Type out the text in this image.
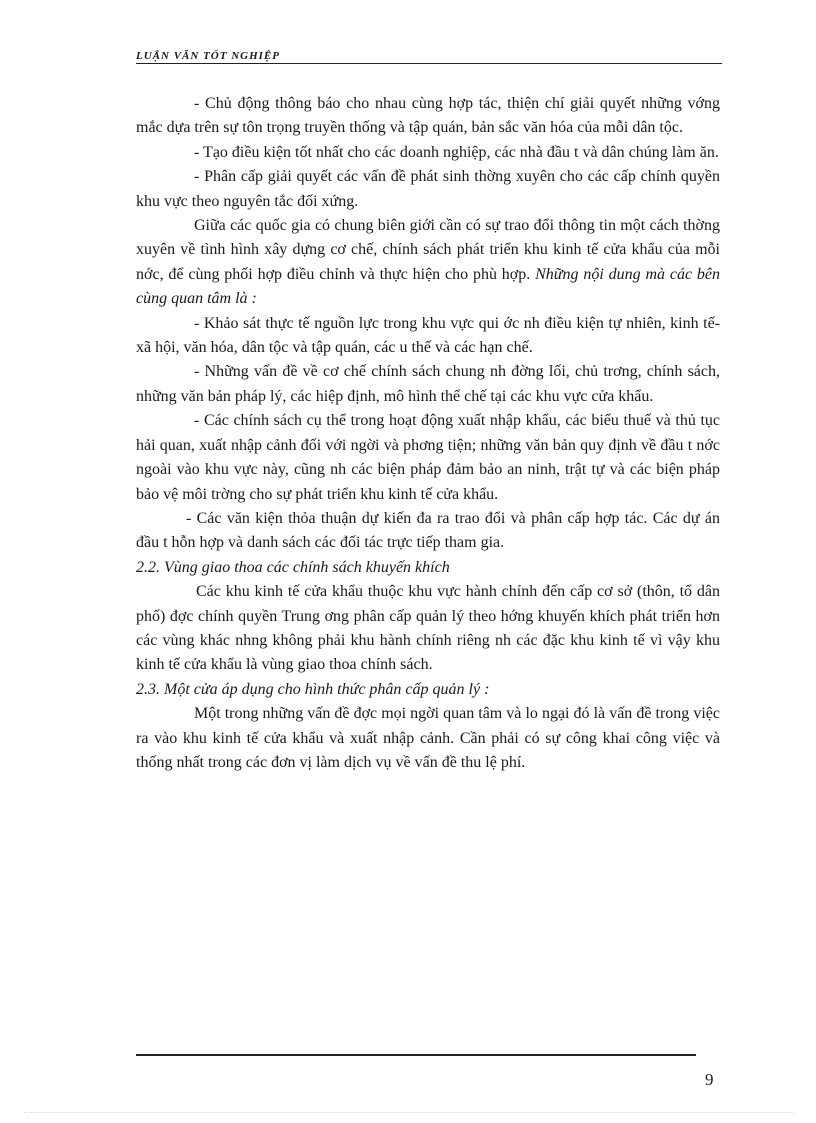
LUẬN VĂN TỐT NGHIỆP

- Chủ động thông báo cho nhau cùng hợp tác, thiện chí giải quyết những vớng mắc dựa trên sự tôn trọng truyền thống và tập quán, bản sắc văn hóa của mỗi dân tộc.

- Tạo điều kiện tốt nhất cho các doanh nghiệp, các nhà đầu t và dân chúng làm ăn.

- Phân cấp giải quyết các vấn đề phát sinh thờng xuyên cho các cấp chính quyền khu vực theo nguyên tắc đối xứng.

Giữa các quốc gia có chung biên giới cần có sự trao đổi thông tin một cách thờng xuyên về tình hình xây dựng cơ chế, chính sách phát triển khu kinh tế cửa khẩu của mỗi nớc, để cùng phối hợp điều chỉnh và thực hiện cho phù hợp. Những nội dung mà các bên cùng quan tâm là :

- Khảo sát thực tế nguồn lực trong khu vực qui ớc nh điều kiện tự nhiên, kinh tế-xã hội, văn hóa, dân tộc và tập quán, các u thế và các hạn chế.

- Những vấn đề về cơ chế chính sách chung nh đờng lối, chủ trơng, chính sách, những văn bản pháp lý, các hiệp định, mô hình thể chế tại các khu vực cửa khẩu.

- Các chính sách cụ thể trong hoạt động xuất nhập khẩu, các biểu thuế và thủ tục hải quan, xuất nhập cảnh đối với ngời và phơng tiện; những văn bản quy định về đầu t nớc ngoài vào khu vực này, cũng nh các biện pháp đảm bảo an ninh, trật tự và các biện pháp bảo vệ môi trờng cho sự phát triển khu kinh tế cửa khẩu.

- Các văn kiện thỏa thuận dự kiến đa ra trao đổi và phân cấp hợp tác. Các dự án đầu t hỗn hợp và danh sách các đối tác trực tiếp tham gia.

2.2. Vùng giao thoa các chính sách khuyến khích

Các khu kinh tế cửa khẩu thuộc khu vực hành chính đến cấp cơ sở (thôn, tổ dân phố) đợc chính quyền Trung ơng phân cấp quản lý theo hớng khuyến khích phát triển hơn các vùng khác nhng không phải khu hành chính riêng nh các đặc khu kinh tế vì vậy khu kinh tế cửa khẩu là vùng giao thoa chính sách.

2.3. Một cửa áp dụng cho hình thức phân cấp quản lý :

Một trong những vấn đề đợc mọi ngời quan tâm và lo ngại đó là vấn đề trong việc ra vào khu kinh tế cửa khẩu và xuất nhập cảnh. Cần phải có sự công khai công việc và thống nhất trong các đơn vị làm dịch vụ về vấn đề thu lệ phí.

9
